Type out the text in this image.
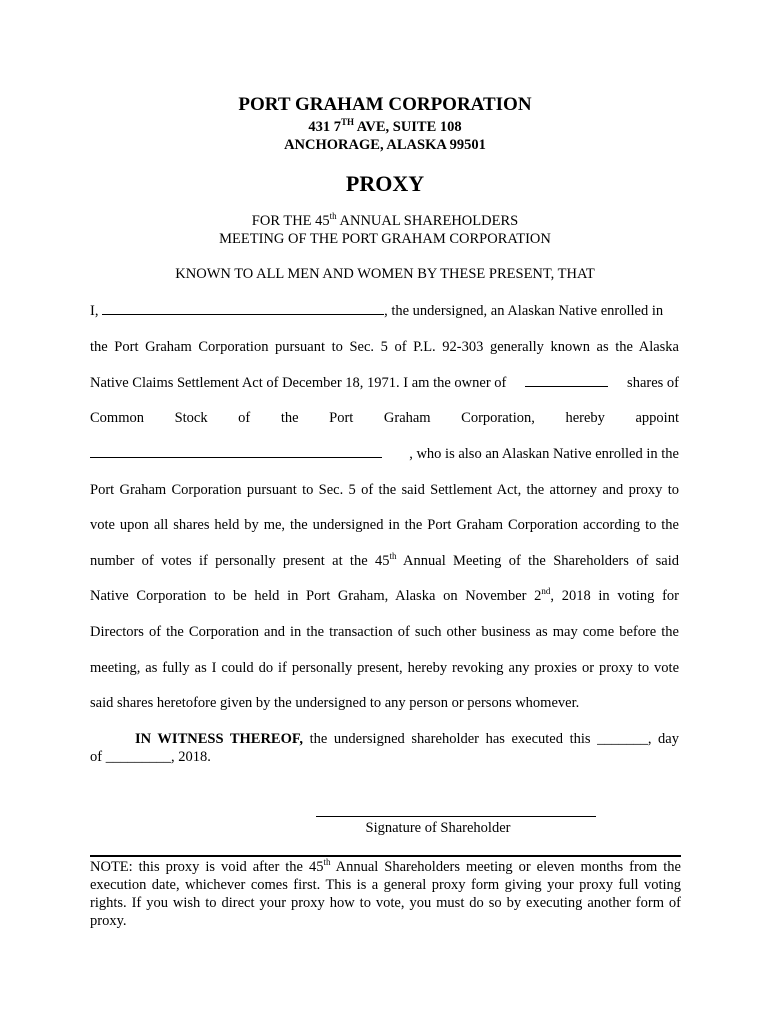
PORT GRAHAM CORPORATION
431 7TH AVE, SUITE 108
ANCHORAGE, ALASKA 99501
PROXY
FOR THE 45th ANNUAL SHAREHOLDERS
MEETING OF THE PORT GRAHAM CORPORATION
KNOWN TO ALL MEN AND WOMEN BY THESE PRESENT, THAT
I,	, the undersigned, an Alaskan Native enrolled in
the Port Graham Corporation pursuant to Sec. 5 of P.L. 92-303 generally known as the Alaska
Native Claims Settlement Act of December 18, 1971. I am the owner of	shares of
Common Stock of the Port Graham Corporation, hereby appoint
, who is also an Alaskan Native enrolled in the
Port Graham Corporation pursuant to Sec. 5 of the said Settlement Act, the attorney and proxy to
vote upon all shares held by me, the undersigned in the Port Graham Corporation according to the
number of votes if personally present at the 45th Annual Meeting of the Shareholders of said
Native Corporation to be held in Port Graham, Alaska on November 2nd, 2018 in voting for
Directors of the Corporation and in the transaction of such other business as may come before the
meeting, as fully as I could do if personally present, hereby revoking any proxies or proxy to vote
said shares heretofore given by the undersigned to any person or persons whomever.
IN WITNESS THEREOF, the undersigned shareholder has executed this _______, day
of _________, 2018.
Signature of Shareholder
NOTE: this proxy is void after the 45th Annual Shareholders meeting or eleven months from the execution date, whichever comes first. This is a general proxy form giving your proxy full voting rights. If you wish to direct your proxy how to vote, you must do so by executing another form of proxy.
